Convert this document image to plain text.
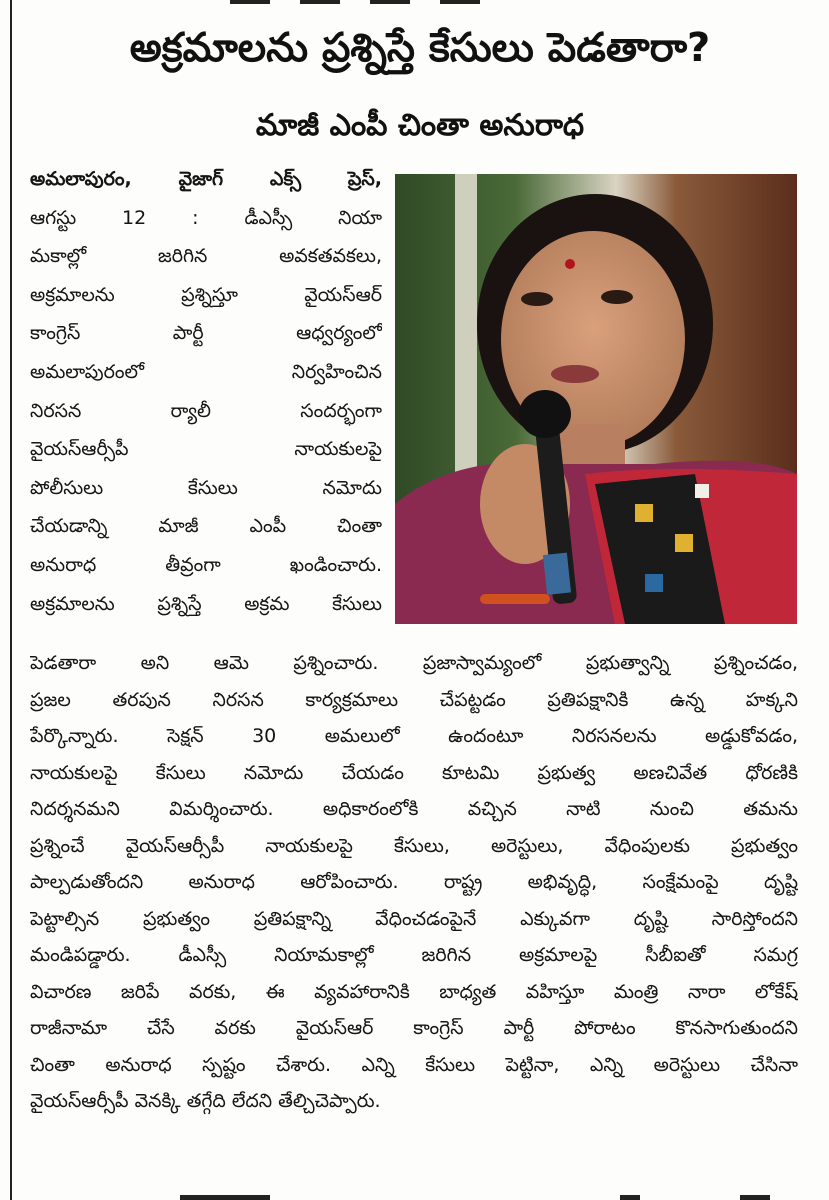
అక్రమాలను ప్రశ్నిస్తే కేసులు పెడతారా?
మాజీ ఎంపీ చింతా అనురాధ
అమలాపురం, వైజాగ్ ఎక్స్ ప్రెస్,
ఆగస్టు 12 : డీఎస్సీ నియా
మకాల్లో జరిగిన అవకతవకలు,
అక్రమాలను ప్రశ్నిస్తూ వైయస్ఆర్
కాంగ్రెస్ పార్టీ ఆధ్వర్యంలో
అమలాపురంలో నిర్వహించిన
నిరసన ర్యాలీ సందర్భంగా
వైయస్ఆర్సీపీ నాయకులపై
పోలీసులు కేసులు నమోదు
చేయడాన్ని మాజీ ఎంపీ చింతా
అనురాధ తీవ్రంగా ఖండించారు.
అక్రమాలను ప్రశ్నిస్తే అక్రమ కేసులు
పెడతారా అని ఆమె ప్రశ్నించారు. ప్రజాస్వామ్యంలో ప్రభుత్వాన్ని ప్రశ్నించడం,
ప్రజల తరపున నిరసన కార్యక్రమాలు చేపట్టడం ప్రతిపక్షానికి ఉన్న హక్కని
పేర్కొన్నారు. సెక్షన్ 30 అమలులో ఉందంటూ నిరసనలను అడ్డుకోవడం,
నాయకులపై కేసులు నమోదు చేయడం కూటమి ప్రభుత్వ అణచివేత ధోరణికి
నిదర్శనమని విమర్శించారు. అధికారంలోకి వచ్చిన నాటి నుంచి తమను
ప్రశ్నించే వైయస్ఆర్సీపీ నాయకులపై కేసులు, అరెస్టులు, వేధింపులకు ప్రభుత్వం
పాల్పడుతోందని అనురాధ ఆరోపించారు. రాష్ట్ర అభివృద్ధి, సంక్షేమంపై దృష్టి
పెట్టాల్సిన ప్రభుత్వం ప్రతిపక్షాన్ని వేధించడంపైనే ఎక్కువగా దృష్టి సారిస్తోందని
మండిపడ్డారు. డీఎస్సీ నియామకాల్లో జరిగిన అక్రమాలపై సీబీఐతో సమగ్ర
విచారణ జరిపే వరకు, ఈ వ్యవహారానికి బాధ్యత వహిస్తూ మంత్రి నారా లోకేష్
రాజీనామా చేసే వరకు వైయస్ఆర్ కాంగ్రెస్ పార్టీ పోరాటం కొనసాగుతుందని
చింతా అనురాధ స్పష్టం చేశారు. ఎన్ని కేసులు పెట్టినా, ఎన్ని అరెస్టులు చేసినా
వైయస్ఆర్సీపీ వెనక్కి తగ్గేది లేదని తేల్చిచెప్పారు.
